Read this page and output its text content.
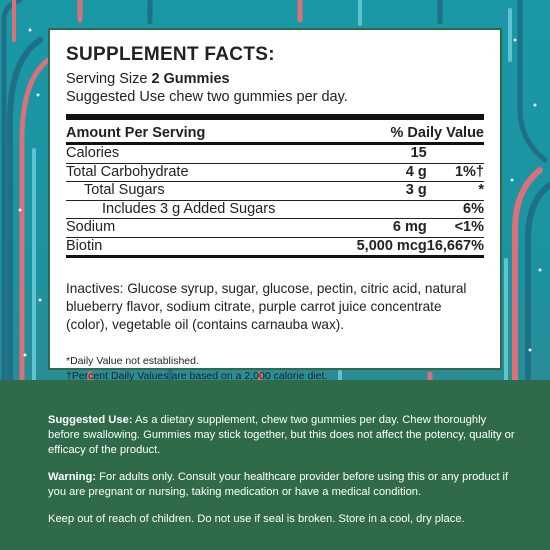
SUPPLEMENT FACTS:
Serving Size 2 Gummies
Suggested Use chew two gummies per day.
Amount Per Serving	% Daily Value
Calories	15	
Total Carbohydrate	4 g	1%†
Total Sugars	3 g	*
Includes 3 g Added Sugars		6%
Sodium	6 mg	<1%
Biotin	5,000 mcg	16,667%
Inactives: Glucose syrup, sugar, glucose, pectin, citric acid, natural blueberry flavor, sodium citrate, purple carrot juice concentrate (color), vegetable oil (contains carnauba wax).
*Daily Value not established.
†Percent Daily Values are based on a 2,000 calorie diet.

Suggested Use: As a dietary supplement, chew two gummies per day. Chew thoroughly before swallowing. Gummies may stick together, but this does not affect the potency, quality or efficacy of the product.

Warning: For adults only. Consult your healthcare provider before using this or any product if you are pregnant or nursing, taking medication or have a medical condition.

Keep out of reach of children. Do not use if seal is broken. Store in a cool, dry place.
